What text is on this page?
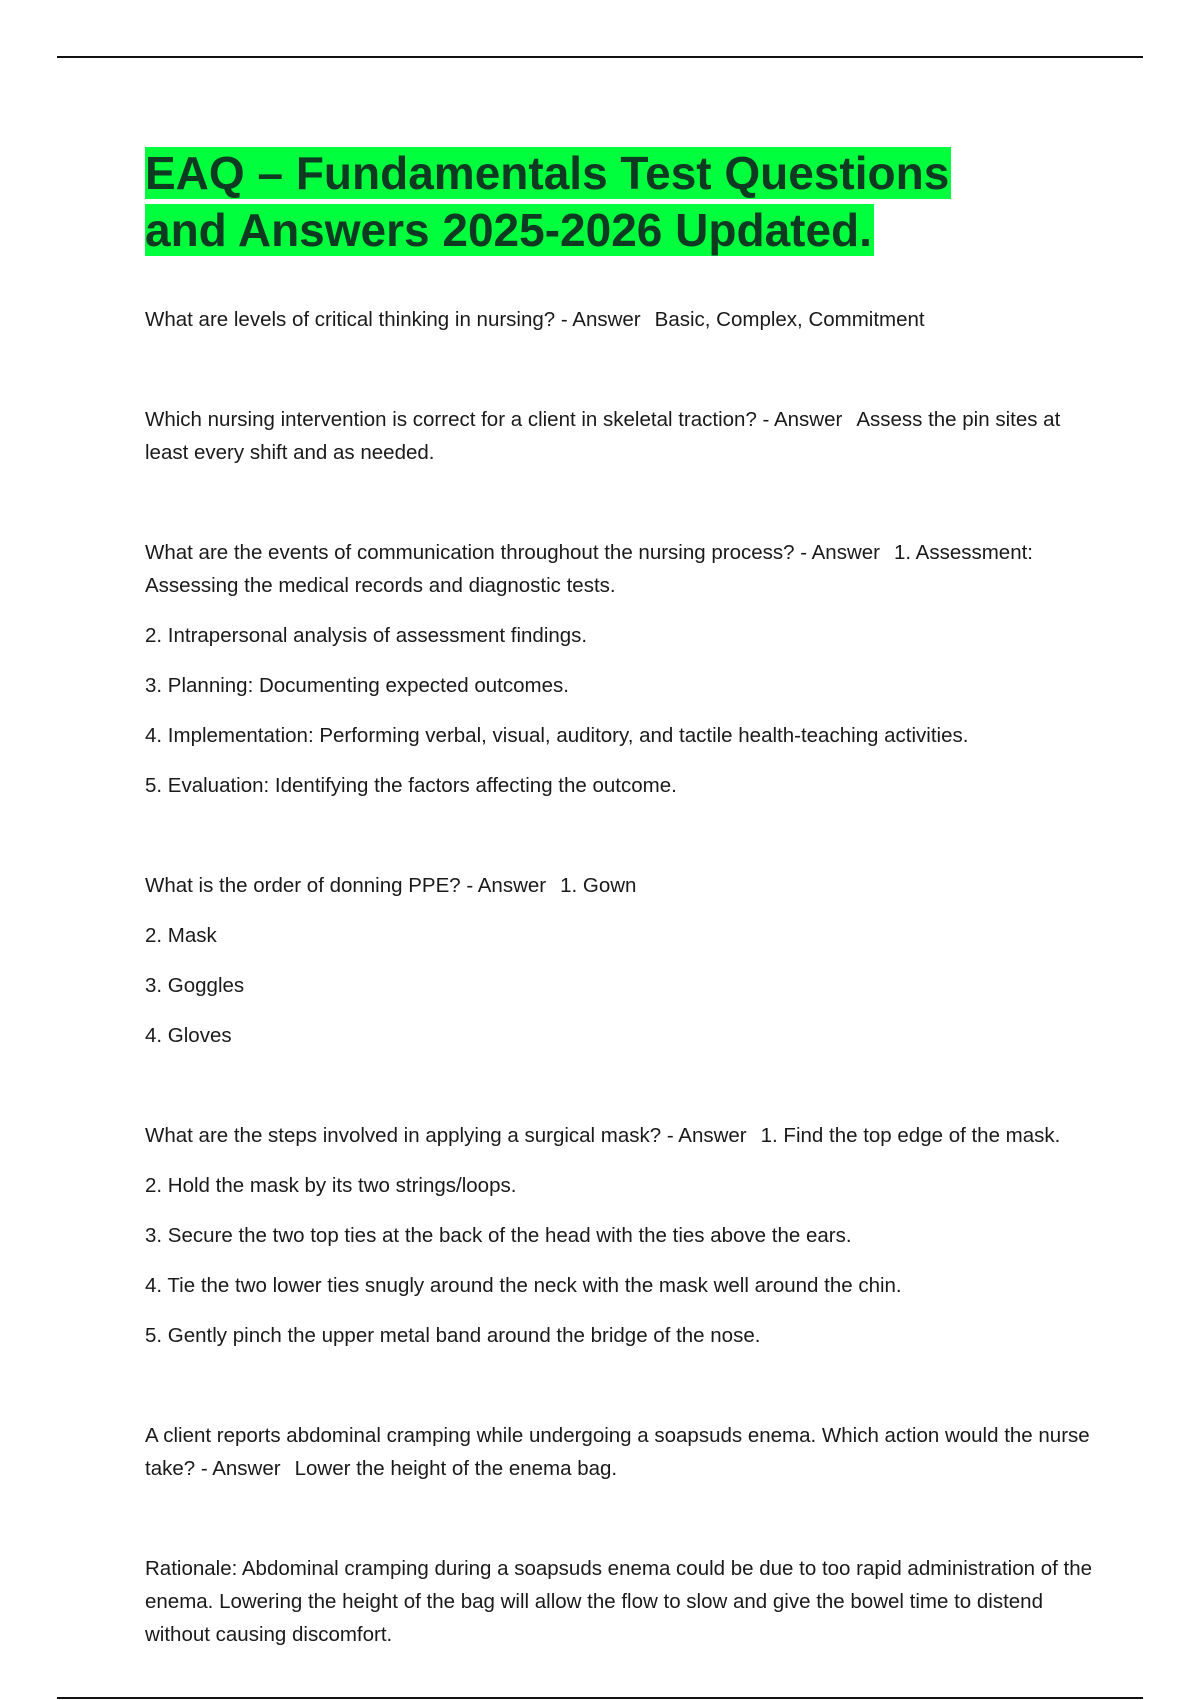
EAQ – Fundamentals Test Questions
and Answers 2025-2026 Updated.

What are levels of critical thinking in nursing? - Answer Basic, Complex, Commitment

Which nursing intervention is correct for a client in skeletal traction? - Answer Assess the pin sites at least every shift and as needed.

What are the events of communication throughout the nursing process? - Answer 1. Assessment: Assessing the medical records and diagnostic tests.

2. Intrapersonal analysis of assessment findings.

3. Planning: Documenting expected outcomes.

4. Implementation: Performing verbal, visual, auditory, and tactile health-teaching activities.

5. Evaluation: Identifying the factors affecting the outcome.

What is the order of donning PPE? - Answer 1. Gown

2. Mask

3. Goggles

4. Gloves

What are the steps involved in applying a surgical mask? - Answer 1. Find the top edge of the mask.

2. Hold the mask by its two strings/loops.

3. Secure the two top ties at the back of the head with the ties above the ears.

4. Tie the two lower ties snugly around the neck with the mask well around the chin.

5. Gently pinch the upper metal band around the bridge of the nose.

A client reports abdominal cramping while undergoing a soapsuds enema. Which action would the nurse take? - Answer Lower the height of the enema bag.

Rationale: Abdominal cramping during a soapsuds enema could be due to too rapid administration of the enema. Lowering the height of the bag will allow the flow to slow and give the bowel time to distend without causing discomfort.
